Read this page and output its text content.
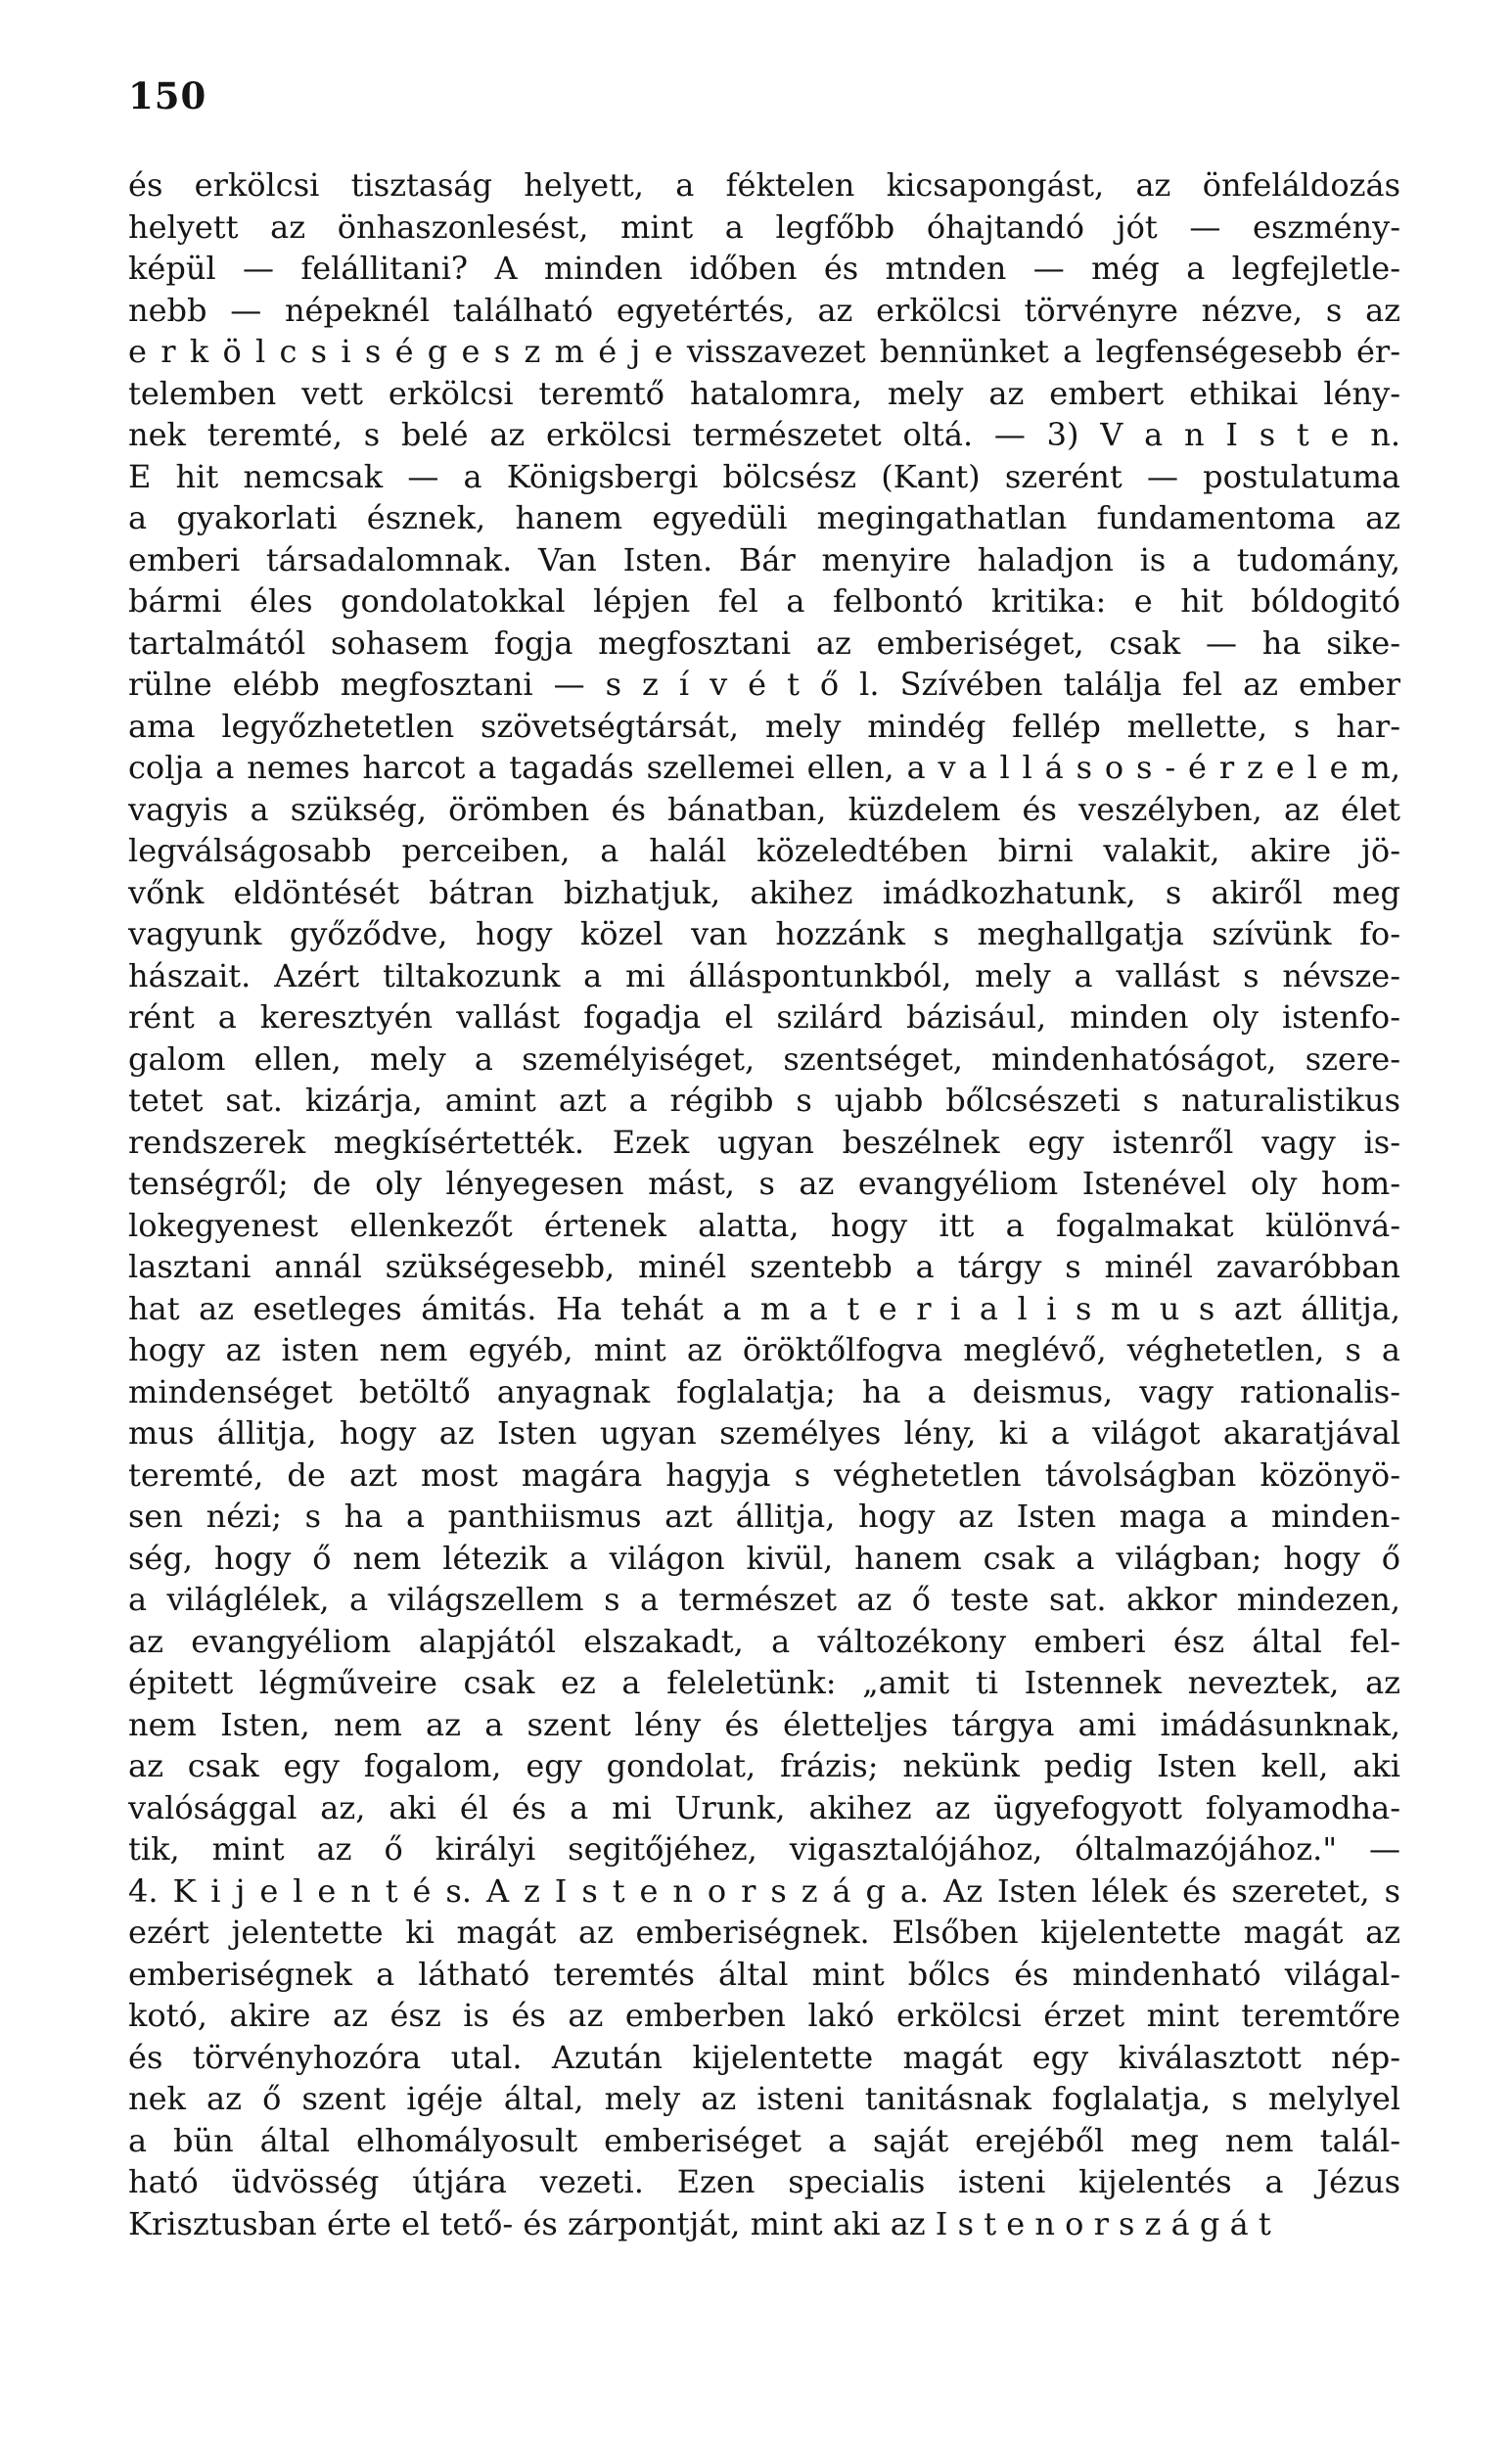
150
és erkölcsi tisztaság helyett, a féktelen kicsapongást, az önfeláldozás
helyett az önhaszonlesést, mint a legfőbb óhajtandó jót — eszmény-
képül — felállitani? A minden időben és mtnden — még a legfejletle-
nebb — népeknél található egyetértés, az erkölcsi törvényre nézve, s az
e r k ö l c s i s é g e s z m é j e visszavezet bennünket a legfenségesebb ér-
telemben vett erkölcsi teremtő hatalomra, mely az embert ethikai lény-
nek teremté, s belé az erkölcsi természetet oltá. — 3) V a n I s t e n.
E hit nemcsak — a Königsbergi bölcsész (Kant) szerént — postulatuma
a gyakorlati észnek, hanem egyedüli megingathatlan fundamentoma az
emberi társadalomnak. Van Isten. Bár menyire haladjon is a tudomány,
bármi éles gondolatokkal lépjen fel a felbontó kritika: e hit bóldogitó
tartalmától sohasem fogja megfosztani az emberiséget, csak — ha sike-
rülne elébb megfosztani — s z í v é t ő l. Szívében találja fel az ember
ama legyőzhetetlen szövetségtársát, mely mindég fellép mellette, s har-
colja a nemes harcot a tagadás szellemei ellen, a v a l l á s o s - é r z e l e m,
vagyis a szükség, örömben és bánatban, küzdelem és veszélyben, az élet
legválságosabb perceiben, a halál közeledtében birni valakit, akire jö-
vőnk eldöntését bátran bizhatjuk, akihez imádkozhatunk, s akiről meg
vagyunk győződve, hogy közel van hozzánk s meghallgatja szívünk fo-
hászait. Azért tiltakozunk a mi álláspontunkból, mely a vallást s névsze-
rént a keresztyén vallást fogadja el szilárd bázisául, minden oly istenfo-
galom ellen, mely a személyiséget, szentséget, mindenhatóságot, szere-
tetet sat. kizárja, amint azt a régibb s ujabb bőlcsészeti s naturalistikus
rendszerek megkísértették. Ezek ugyan beszélnek egy istenről vagy is-
tenségről; de oly lényegesen mást, s az evangyéliom Istenével oly hom-
lokegyenest ellenkezőt értenek alatta, hogy itt a fogalmakat különvá-
lasztani annál szükségesebb, minél szentebb a tárgy s minél zavaróbban
hat az esetleges ámitás. Ha tehát a m a t e r i a l i s m u s azt állitja,
hogy az isten nem egyéb, mint az öröktőlfogva meglévő, véghetetlen, s a
mindenséget betöltő anyagnak foglalatja; ha a deismus, vagy rationalis-
mus állitja, hogy az Isten ugyan személyes lény, ki a világot akaratjával
teremté, de azt most magára hagyja s véghetetlen távolságban közönyö-
sen nézi; s ha a panthiismus azt állitja, hogy az Isten maga a minden-
ség, hogy ő nem létezik a világon kivül, hanem csak a világban; hogy ő
a világlélek, a világszellem s a természet az ő teste sat. akkor mindezen,
az evangyéliom alapjától elszakadt, a változékony emberi ész által fel-
épitett légműveire csak ez a feleletünk: „amit ti Istennek neveztek, az
nem Isten, nem az a szent lény és életteljes tárgya ami imádásunknak,
az csak egy fogalom, egy gondolat, frázis; nekünk pedig Isten kell, aki
valósággal az, aki él és a mi Urunk, akihez az ügyefogyott folyamodha-
tik, mint az ő királyi segitőjéhez, vigasztalójához, óltalmazójához." —
4. K i j e l e n t é s. A z I s t e n o r s z á g a. Az Isten lélek és szeretet, s
ezért jelentette ki magát az emberiségnek. Elsőben kijelentette magát az
emberiségnek a látható teremtés által mint bőlcs és mindenható világal-
kotó, akire az ész is és az emberben lakó erkölcsi érzet mint teremtőre
és törvényhozóra utal. Azután kijelentette magát egy kiválasztott nép-
nek az ő szent igéje által, mely az isteni tanitásnak foglalatja, s melylyel
a bün által elhomályosult emberiséget a saját erejéből meg nem talál-
ható üdvösség útjára vezeti. Ezen specialis isteni kijelentés a Jézus
Krisztusban érte el tető- és zárpontját, mint aki az I s t e n o r s z á g á t
